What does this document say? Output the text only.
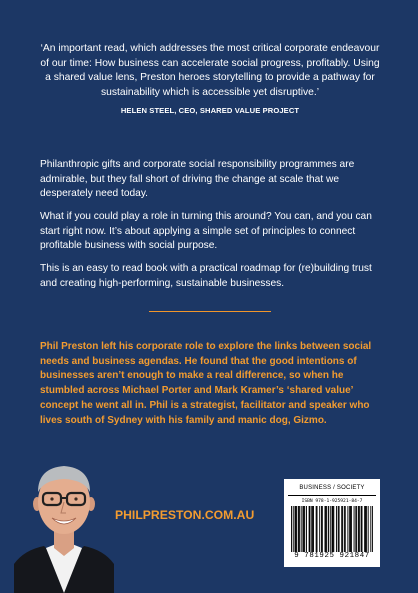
‘An important read, which addresses the most critical corporate endeavour of our time: How business can accelerate social progress, profitably. Using a shared value lens, Preston heroes storytelling to provide a pathway for sustainability which is accessible yet disruptive.’
HELEN STEEL, CEO, SHARED VALUE PROJECT
Philanthropic gifts and corporate social responsibility programmes are admirable, but they fall short of driving the change at scale that we desperately need today.
What if you could play a role in turning this around? You can, and you can start right now. It’s about applying a simple set of principles to connect profitable business with social purpose.
This is an easy to read book with a practical roadmap for (re)building trust and creating high-performing, sustainable businesses.
Phil Preston left his corporate role to explore the links between social needs and business agendas. He found that the good intentions of businesses aren’t enough to make a real difference, so when he stumbled across Michael Porter and Mark Kramer’s ‘shared value’ concept he went all in. Phil is a strategist, facilitator and speaker who lives south of Sydney with his family and manic dog, Gizmo.
PHILPRESTON.COM.AU
BUSINESS / SOCIETY
ISBN 978-1-925921-84-7
9 781925 921847
